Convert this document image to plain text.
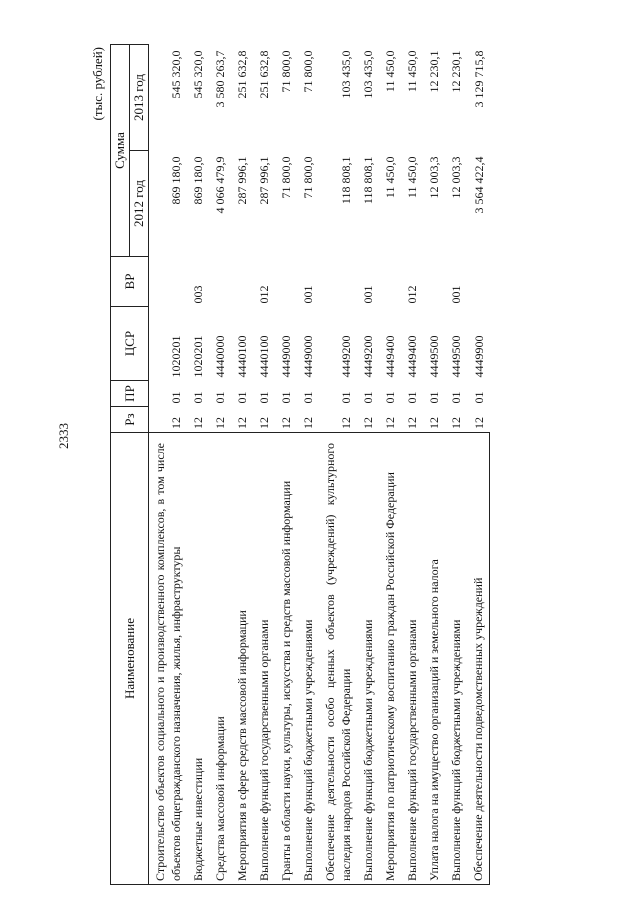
2333
(тыс. рублей)
Наименование	Рз	ПР	ЦСР	ВР	Сумма	
					2012 год	2013 год
Строительство объектов социального и производственного комплексов, в том числе объектов общегражданского назначения, жилья, инфраструктуры	12	01	1020201		869 180,0	545 320,0
Бюджетные инвестиции	12	01	1020201	003	869 180,0	545 320,0
Средства массовой информации	12	01	4440000		4 066 479,9	3 580 263,7
Мероприятия в сфере средств массовой информации	12	01	4440100		287 996,1	251 632,8
Выполнение функций государственными органами	12	01	4440100	012	287 996,1	251 632,8
Гранты в области науки, культуры, искусства и средств массовой информации	12	01	4449000		71 800,0	71 800,0
Выполнение функций бюджетными учреждениями	12	01	4449000	001	71 800,0	71 800,0
Обеспечение деятельности особо ценных объектов (учреждений) культурного наследия народов Российской Федерации	12	01	4449200		118 808,1	103 435,0
Выполнение функций бюджетными учреждениями	12	01	4449200	001	118 808,1	103 435,0
Мероприятия по патриотическому воспитанию граждан Российской Федерации	12	01	4449400		11 450,0	11 450,0
Выполнение функций государственными органами	12	01	4449400	012	11 450,0	11 450,0
Уплата налога на имущество организаций и земельного налога	12	01	4449500		12 003,3	12 230,1
Выполнение функций бюджетными учреждениями	12	01	4449500	001	12 003,3	12 230,1
Обеспечение деятельности подведомственных учреждений	12	01	4449900		3 564 422,4	3 129 715,8
